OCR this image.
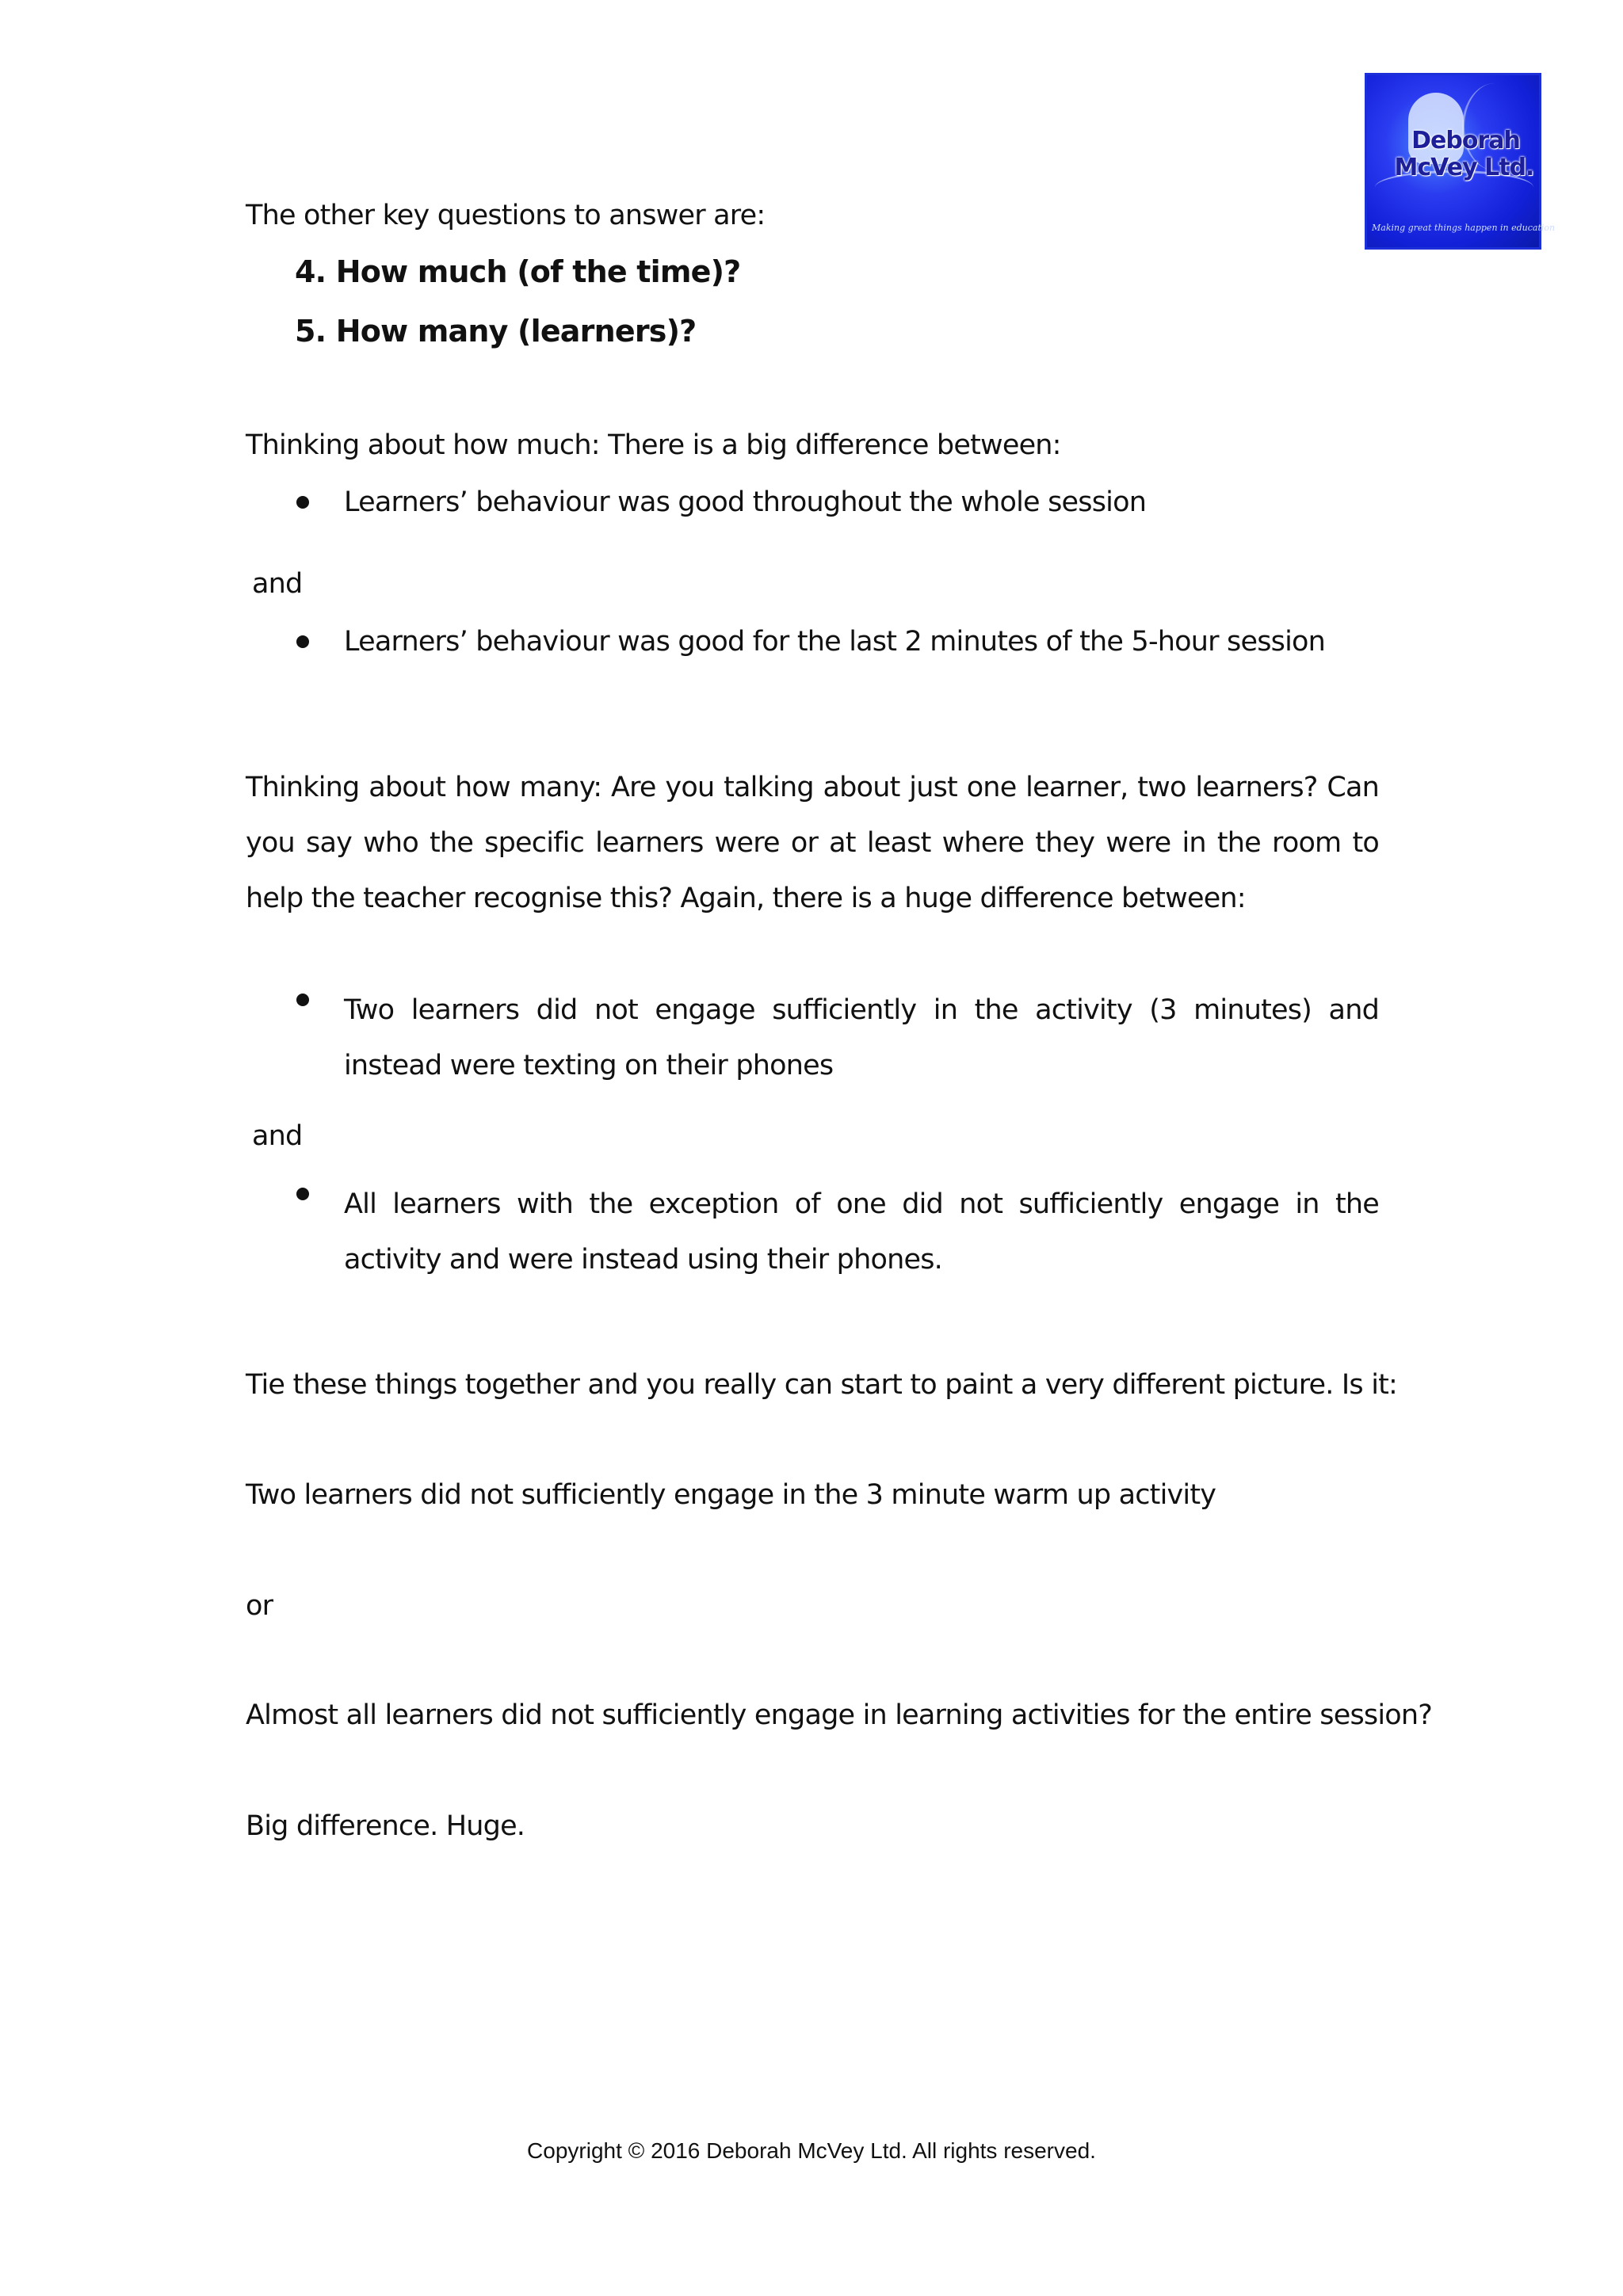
Deborah
McVey Ltd.
Making great things happen in education
The other key questions to answer are:
4. How much (of the time)?
5. How many (learners)?
Thinking about how much: There is a big difference between:
Learners’ behaviour was good throughout the whole session
and
Learners’ behaviour was good for the last 2 minutes of the 5-hour session
Thinking about how many: Are you talking about just one learner, two learners? Can you say who the specific learners were or at least where they were in the room to help the teacher recognise this? Again, there is a huge difference between:
Two learners did not engage sufficiently in the activity (3 minutes) and instead were texting on their phones
and
All learners with the exception of one did not sufficiently engage in the activity and were instead using their phones.
Tie these things together and you really can start to paint a very different picture. Is it:
Two learners did not sufficiently engage in the 3 minute warm up activity
or
Almost all learners did not sufficiently engage in learning activities for the entire session?
Big difference. Huge.
Copyright © 2016 Deborah McVey Ltd. All rights reserved.
